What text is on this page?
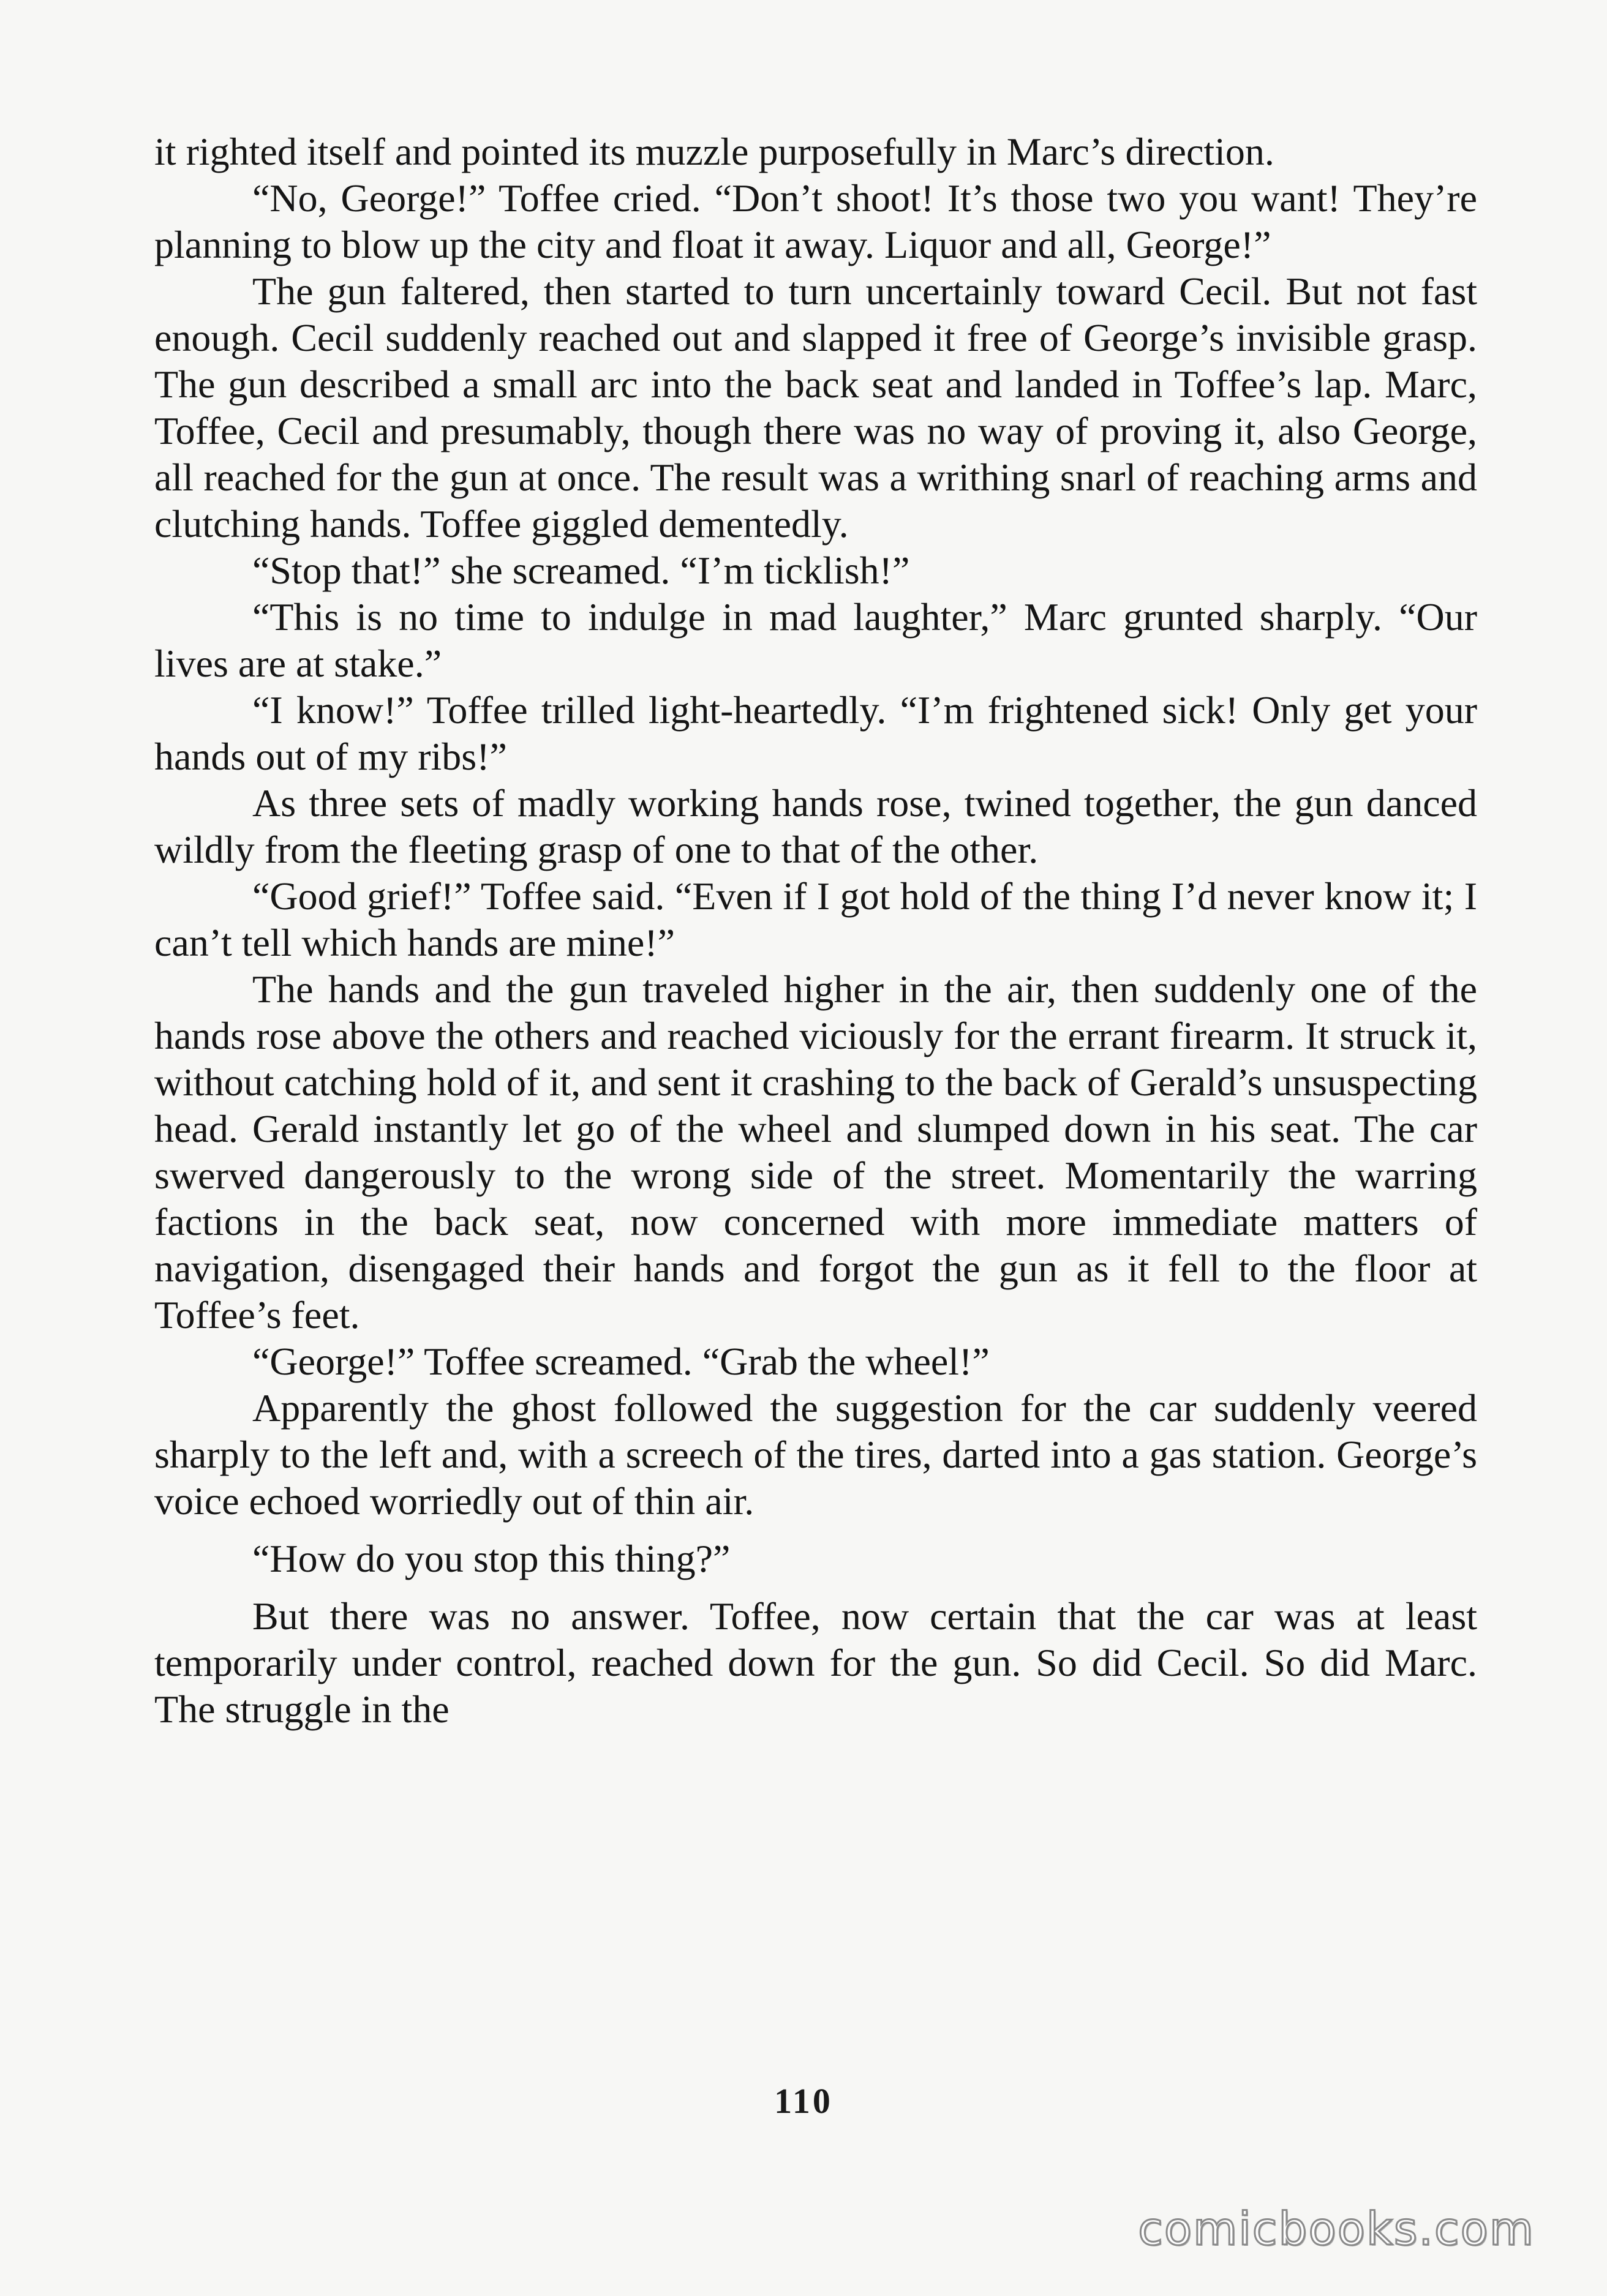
it righted itself and pointed its muzzle purposefully in Marc’s direction.

“No, George!” Toffee cried. “Don’t shoot! It’s those two you want! They’re planning to blow up the city and float it away. Liquor and all, George!”

The gun faltered, then started to turn uncertainly toward Cecil. But not fast enough. Cecil suddenly reached out and slapped it free of George’s invisible grasp. The gun described a small arc into the back seat and landed in Toffee’s lap. Marc, Toffee, Cecil and presumably, though there was no way of proving it, also George, all reached for the gun at once. The result was a writhing snarl of reaching arms and clutching hands. Toffee giggled dementedly.

“Stop that!” she screamed. “I’m ticklish!”

“This is no time to indulge in mad laughter,” Marc grunted sharply. “Our lives are at stake.”

“I know!” Toffee trilled light-heartedly. “I’m frightened sick! Only get your hands out of my ribs!”

As three sets of madly working hands rose, twined together, the gun danced wildly from the fleeting grasp of one to that of the other.

“Good grief!” Toffee said. “Even if I got hold of the thing I’d never know it; I can’t tell which hands are mine!”

The hands and the gun traveled higher in the air, then suddenly one of the hands rose above the others and reached viciously for the errant firearm. It struck it, without catching hold of it, and sent it crashing to the back of Gerald’s unsuspecting head. Gerald instantly let go of the wheel and slumped down in his seat. The car swerved dangerously to the wrong side of the street. Momentarily the warring factions in the back seat, now concerned with more immediate matters of navigation, disengaged their hands and forgot the gun as it fell to the floor at Toffee’s feet.

“George!” Toffee screamed. “Grab the wheel!”

Apparently the ghost followed the suggestion for the car suddenly veered sharply to the left and, with a screech of the tires, darted into a gas station. George’s voice echoed worriedly out of thin air.

“How do you stop this thing?”

But there was no answer. Toffee, now certain that the car was at least temporarily under control, reached down for the gun. So did Cecil. So did Marc. The struggle in the

110
comicbooks.com
